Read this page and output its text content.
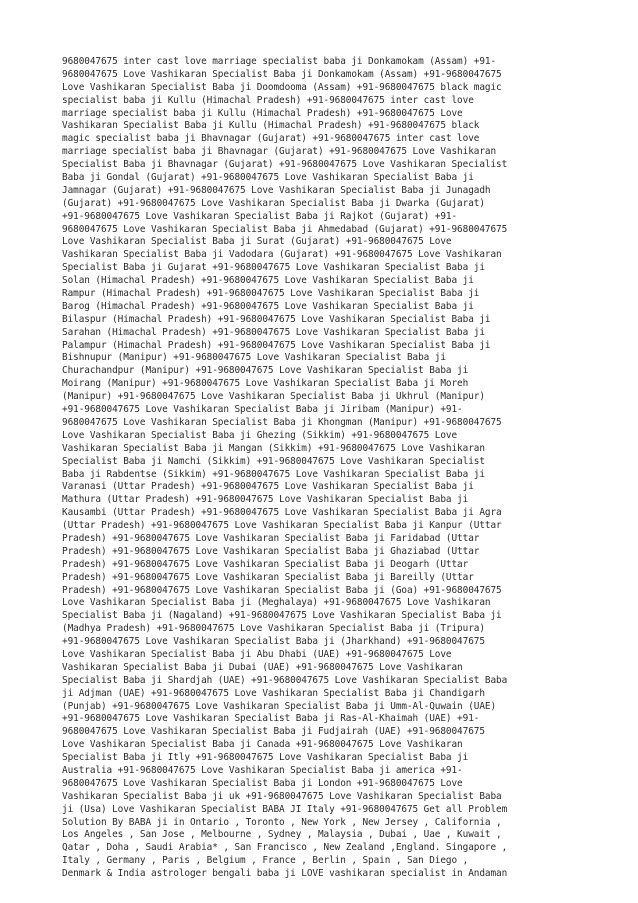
9680047675 inter cast love marriage specialist baba ji Donkamokam (Assam) +91-
9680047675 Love Vashikaran Specialist Baba ji Donkamokam (Assam) +91-9680047675
Love Vashikaran Specialist Baba ji Doomdooma (Assam) +91-9680047675 black magic
specialist baba ji Kullu (Himachal Pradesh) +91-9680047675 inter cast love
marriage specialist baba ji Kullu (Himachal Pradesh) +91-9680047675 Love
Vashikaran Specialist Baba ji Kullu (Himachal Pradesh) +91-9680047675 black
magic specialist baba ji Bhavnagar (Gujarat) +91-9680047675 inter cast love
marriage specialist baba ji Bhavnagar (Gujarat) +91-9680047675 Love Vashikaran
Specialist Baba ji Bhavnagar (Gujarat) +91-9680047675 Love Vashikaran Specialist
Baba ji Gondal (Gujarat) +91-9680047675 Love Vashikaran Specialist Baba ji
Jamnagar (Gujarat) +91-9680047675 Love Vashikaran Specialist Baba ji Junagadh
(Gujarat) +91-9680047675 Love Vashikaran Specialist Baba ji Dwarka (Gujarat)
+91-9680047675 Love Vashikaran Specialist Baba ji Rajkot (Gujarat) +91-
9680047675 Love Vashikaran Specialist Baba ji Ahmedabad (Gujarat) +91-9680047675
Love Vashikaran Specialist Baba ji Surat (Gujarat) +91-9680047675 Love
Vashikaran Specialist Baba ji Vadodara (Gujarat) +91-9680047675 Love Vashikaran
Specialist Baba ji Gujarat +91-9680047675 Love Vashikaran Specialist Baba ji
Solan (Himachal Pradesh) +91-9680047675 Love Vashikaran Specialist Baba ji
Rampur (Himachal Pradesh) +91-9680047675 Love Vashikaran Specialist Baba ji
Barog (Himachal Pradesh) +91-9680047675 Love Vashikaran Specialist Baba ji
Bilaspur (Himachal Pradesh) +91-9680047675 Love Vashikaran Specialist Baba ji
Sarahan (Himachal Pradesh) +91-9680047675 Love Vashikaran Specialist Baba ji
Palampur (Himachal Pradesh) +91-9680047675 Love Vashikaran Specialist Baba ji
Bishnupur (Manipur) +91-9680047675 Love Vashikaran Specialist Baba ji
Churachandpur (Manipur) +91-9680047675 Love Vashikaran Specialist Baba ji
Moirang (Manipur) +91-9680047675 Love Vashikaran Specialist Baba ji Moreh
(Manipur) +91-9680047675 Love Vashikaran Specialist Baba ji Ukhrul (Manipur)
+91-9680047675 Love Vashikaran Specialist Baba ji Jiribam (Manipur) +91-
9680047675 Love Vashikaran Specialist Baba ji Khongman (Manipur) +91-9680047675
Love Vashikaran Specialist Baba ji Ghezing (Sikkim) +91-9680047675 Love
Vashikaran Specialist Baba ji Mangan (Sikkim) +91-9680047675 Love Vashikaran
Specialist Baba ji Namchi (Sikkim) +91-9680047675 Love Vashikaran Specialist
Baba ji Rabdentse (Sikkim) +91-9680047675 Love Vashikaran Specialist Baba ji
Varanasi (Uttar Pradesh) +91-9680047675 Love Vashikaran Specialist Baba ji
Mathura (Uttar Pradesh) +91-9680047675 Love Vashikaran Specialist Baba ji
Kausambi (Uttar Pradesh) +91-9680047675 Love Vashikaran Specialist Baba ji Agra
(Uttar Pradesh) +91-9680047675 Love Vashikaran Specialist Baba ji Kanpur (Uttar
Pradesh) +91-9680047675 Love Vashikaran Specialist Baba ji Faridabad (Uttar
Pradesh) +91-9680047675 Love Vashikaran Specialist Baba ji Ghaziabad (Uttar
Pradesh) +91-9680047675 Love Vashikaran Specialist Baba ji Deogarh (Uttar
Pradesh) +91-9680047675 Love Vashikaran Specialist Baba ji Bareilly (Uttar
Pradesh) +91-9680047675 Love Vashikaran Specialist Baba ji (Goa) +91-9680047675
Love Vashikaran Specialist Baba ji (Meghalaya) +91-9680047675 Love Vashikaran
Specialist Baba ji (Nagaland) +91-9680047675 Love Vashikaran Specialist Baba ji
(Madhya Pradesh) +91-9680047675 Love Vashikaran Specialist Baba ji (Tripura)
+91-9680047675 Love Vashikaran Specialist Baba ji (Jharkhand) +91-9680047675
Love Vashikaran Specialist Baba ji Abu Dhabi (UAE) +91-9680047675 Love
Vashikaran Specialist Baba ji Dubai (UAE) +91-9680047675 Love Vashikaran
Specialist Baba ji Shardjah (UAE) +91-9680047675 Love Vashikaran Specialist Baba
ji Adjman (UAE) +91-9680047675 Love Vashikaran Specialist Baba ji Chandigarh
(Punjab) +91-9680047675 Love Vashikaran Specialist Baba ji Umm-Al-Quwain (UAE)
+91-9680047675 Love Vashikaran Specialist Baba ji Ras-Al-Khaimah (UAE) +91-
9680047675 Love Vashikaran Specialist Baba ji Fudjairah (UAE) +91-9680047675
Love Vashikaran Specialist Baba ji Canada +91-9680047675 Love Vashikaran
Specialist Baba ji Itly +91-9680047675 Love Vashikaran Specialist Baba ji
Australia +91-9680047675 Love Vashikaran Specialist Baba ji america +91-
9680047675 Love Vashikaran Specialist Baba ji London +91-9680047675 Love
Vashikaran Specialist Baba ji uk +91-9680047675 Love Vashikaran Specialist Baba
ji (Usa) Love Vashikaran Specialist BABA JI Italy +91-9680047675 Get all Problem
Solution By BABA ji in Ontario , Toronto , New York , New Jersey , California ,
Los Angeles , San Jose , Melbourne , Sydney , Malaysia , Dubai , Uae , Kuwait ,
Qatar , Doha , Saudi Arabia* , San Francisco , New Zealand ,England. Singapore ,
Italy , Germany , Paris , Belgium , France , Berlin , Spain , San Diego ,
Denmark & India astrologer bengali baba ji LOVE vashikaran specialist in Andaman
